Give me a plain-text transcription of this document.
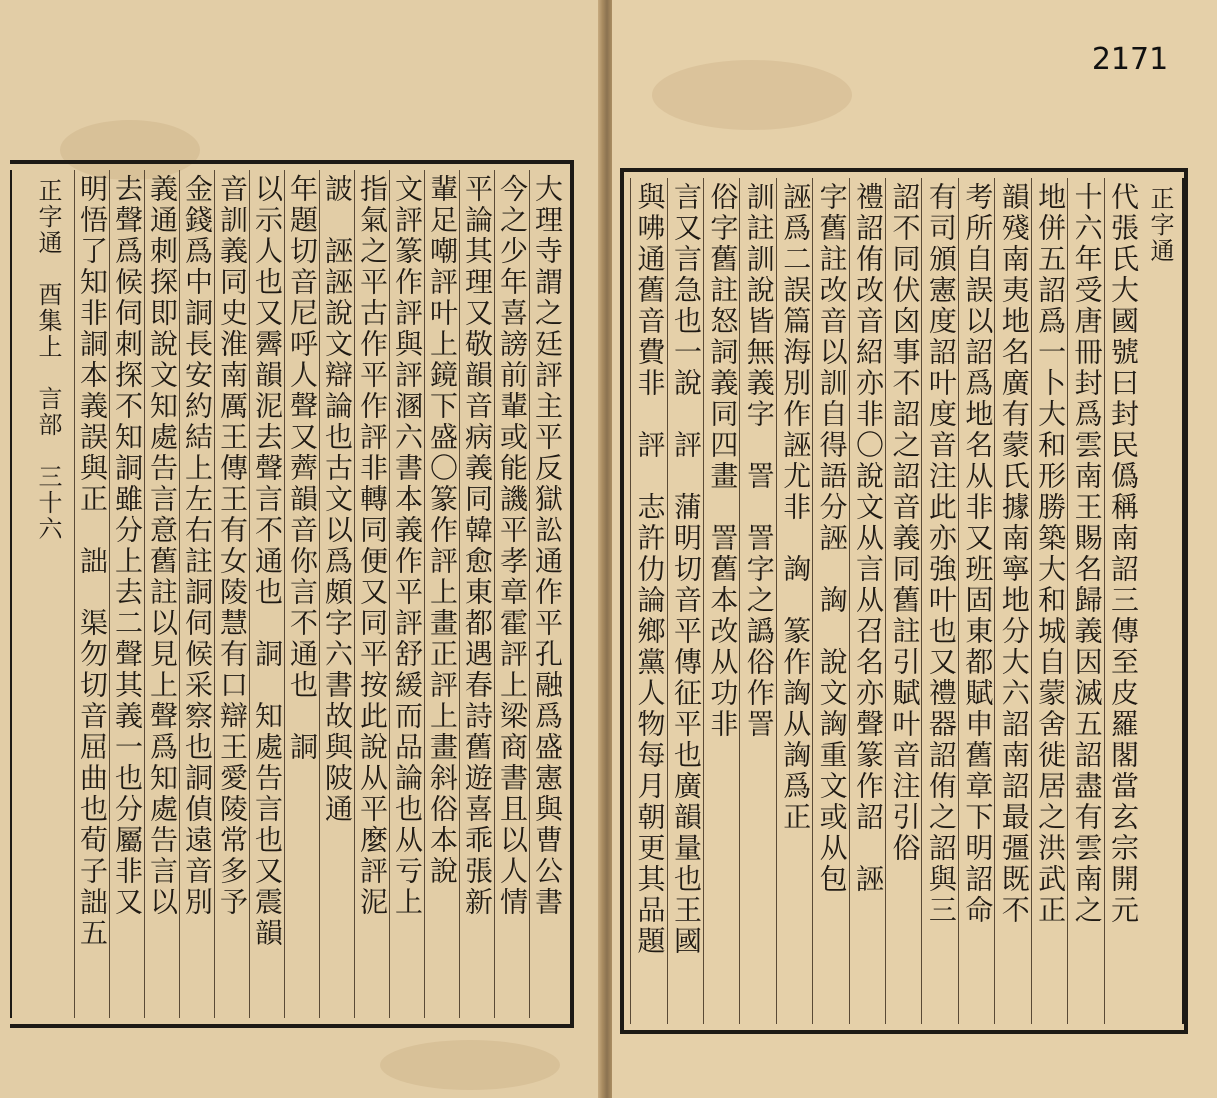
正字通　酉集上　言部　三十六	大理寺謂之廷評主平反獄訟通作平孔融爲盛憲與曹公書
今之少年喜謗前輩或能譏平孝章霍評上梁商書且以人情
平論其理又敬韻音病義同韓愈東都遇春詩舊遊喜乖張新
輩足嘲評叶上鏡下盛〇篆作評上畫正評上畫斜俗本說
文評篆作評與評溷六書本義作平評舒緩而品論也从亏上
指氣之平古作平作評非轉同便又同平按此說从平麼評泥
詖　誣誣說文辯論也古文以爲頗字六書故與陂通
年題切音尼呼人聲又薺韻音你言不通也　詷
以示人也又霽韻泥去聲言不通也　詷　知處告言也又震韻
音訓義同史淮南厲王傳王有女陵慧有口辯王愛陵常多予
金錢爲中詷長安約結上左右註詷伺候采察也詷偵遠音別
義通刺探即說文知處告言意舊註以見上聲爲知處告言以
去聲爲候伺刺探不知詷雖分上去二聲其義一也分屬非又
明悟了知非詷本義誤與正　詘　渠勿切音屈曲也荀子詘五	正字通
代張氏大國號曰封民僞稱南詔三傳至皮羅閣當玄宗開元
十六年受唐冊封爲雲南王賜名歸義因滅五詔盡有雲南之
地併五詔爲一卜大和形勝築大和城自蒙舍徙居之洪武正
韻殘南夷地名廣有蒙氏據南寧地分大六詔南詔最彊既不
考所自誤以詔爲地名从非又班固東都賦申舊章下明詔命
有司頒憲度詔叶度音注此亦強叶也又禮器詔侑之詔與三
詔不同伏囟事不詔之詔音義同舊註引賦叶音注引俗
禮詔侑改音紹亦非〇說文从言从召名亦聲篆作詔　誣
字舊註改音以訓自得語分誣　詾　說文詾重文或从包
誣爲二誤篇海別作誣尤非　詾　篆作詾从詾爲正
訓註訓說皆無義字　詈　詈字之譌俗作詈
俗字舊註怒詞義同四畫　詈舊本改从功非
言又言急也一說　評　蒲明切音平傳征平也廣韻量也王國
與咈通舊音費非　評　志許仂論鄉黨人物每月朝更其品題
2171
